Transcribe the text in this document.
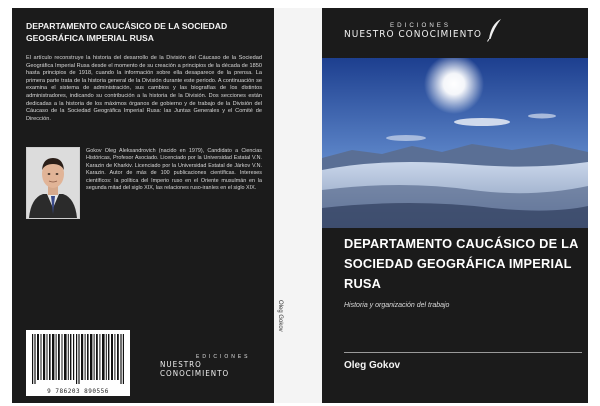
DEPARTAMENTO CAUCÁSICO DE LA SOCIEDAD GEOGRÁFICA IMPERIAL RUSA
El artículo reconstruye la historia del desarrollo de la División del Cáucaso de la Sociedad Geográfica Imperial Rusa desde el momento de su creación a principios de la década de 1850 hasta principios de 1918, cuando la información sobre ella desaparece de la prensa. La primera parte trata de la historia general de la División durante este periodo. A continuación se examina el sistema de administración, sus cambios y las biografías de los distintos administradores, indicando su contribución a la historia de la División. Dos secciones están dedicadas a la historia de los máximos órganos de gobierno y de trabajo de la División del Cáucaso de la Sociedad Geográfica Imperial Rusa: las Juntas Generales y el Comité de Dirección.
Gokov Oleg Aleksandrovich (nacido en 1979), Candidato a Ciencias Históricas, Profesor Asociado. Licenciado por la Universidad Estatal V.N. Karazin de Kharkiv. Licenciado por la Universidad Estatal de Járkov V.N. Karazin. Autor de más de 100 publicaciones científicas. Intereses científicos: la política del Imperio ruso en el Oriente musulmán en la segunda mitad del siglo XIX, las relaciones ruso-iraníes en el siglo XIX.
9 786203 890556
EDICIONES
NUESTRO CONOCIMIENTO
Oleg Gokov
EDICIONES
NUESTRO CONOCIMIENTO
DEPARTAMENTO CAUCÁSICO DE LA SOCIEDAD GEOGRÁFICA IMPERIAL RUSA
Historia y organización del trabajo
Oleg Gokov
